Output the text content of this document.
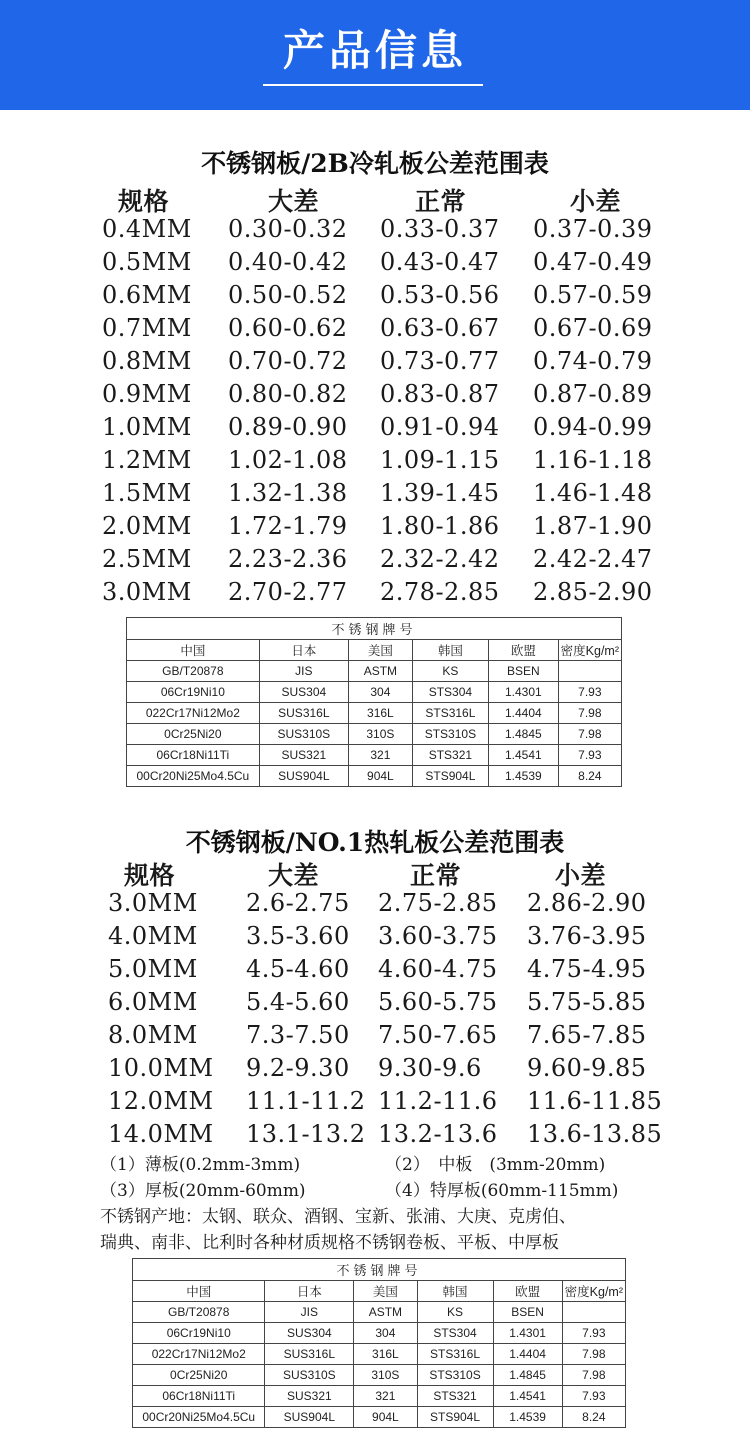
产品信息
不锈钢板/2B冷轧板公差范围表

规格	大差	正常	小差
0.4MM 0.30-0.32 0.33-0.37 0.37-0.39
0.5MM 0.40-0.42 0.43-0.47 0.47-0.49
0.6MM 0.50-0.52 0.53-0.56 0.57-0.59
0.7MM 0.60-0.62 0.63-0.67 0.67-0.69
0.8MM 0.70-0.72 0.73-0.77 0.74-0.79
0.9MM 0.80-0.82 0.83-0.87 0.87-0.89
1.0MM 0.89-0.90 0.91-0.94 0.94-0.99
1.2MM 1.02-1.08 1.09-1.15 1.16-1.18
1.5MM 1.32-1.38 1.39-1.45 1.46-1.48
2.0MM 1.72-1.79 1.80-1.86 1.87-1.90
2.5MM 2.23-2.36 2.32-2.42 2.42-2.47
3.0MM 2.70-2.77 2.78-2.85 2.85-2.90
不锈钢牌号					
中国	日本	美国	韩国	欧盟	密度Kg/m²
GB/T20878	JIS	ASTM	KS	BSEN	
06Cr19Ni10	SUS304	304	STS304	1.4301	7.93
022Cr17Ni12Mo2	SUS316L	316L	STS316L	1.4404	7.98
0Cr25Ni20	SUS310S	310S	STS310S	1.4845	7.98
06Cr18Ni11Ti	SUS321	321	STS321	1.4541	7.93
00Cr20Ni25Mo4.5Cu	SUS904L	904L	STS904L	1.4539	8.24
不锈钢板/NO.1热轧板公差范围表
规格	大差	正常	小差
3.0MM 2.6-2.75 2.75-2.85 2.86-2.90
4.0MM 3.5-3.60 3.60-3.75 3.76-3.95
5.0MM 4.5-4.60 4.60-4.75 4.75-4.95
6.0MM 5.4-5.60 5.60-5.75 5.75-5.85
8.0MM 7.3-7.50 7.50-7.65 7.65-7.85
10.0MM 9.2-9.30 9.30-9.6 9.60-9.85
12.0MM 11.1-11.2 11.2-11.6 11.6-11.85
14.0MM 13.1-13.2 13.2-13.6 13.6-13.85
（1）薄板(0.2mm-3mm)	（2）　中板　(3mm-20mm)
（3）厚板(20mm-60mm)	（4）特厚板(60mm-115mm)
不锈钢产地：太钢、联众、酒钢、宝新、张浦、大庚、克虏伯、
瑞典、南非、比利时各种材质规格不锈钢卷板、平板、中厚板
不锈钢牌号					
中国	日本	美国	韩国	欧盟	密度Kg/m²
GB/T20878	JIS	ASTM	KS	BSEN	
06Cr19Ni10	SUS304	304	STS304	1.4301	7.93
022Cr17Ni12Mo2	SUS316L	316L	STS316L	1.4404	7.98
0Cr25Ni20	SUS310S	310S	STS310S	1.4845	7.98
06Cr18Ni11Ti	SUS321	321	STS321	1.4541	7.93
00Cr20Ni25Mo4.5Cu	SUS904L	904L	STS904L	1.4539	8.24
